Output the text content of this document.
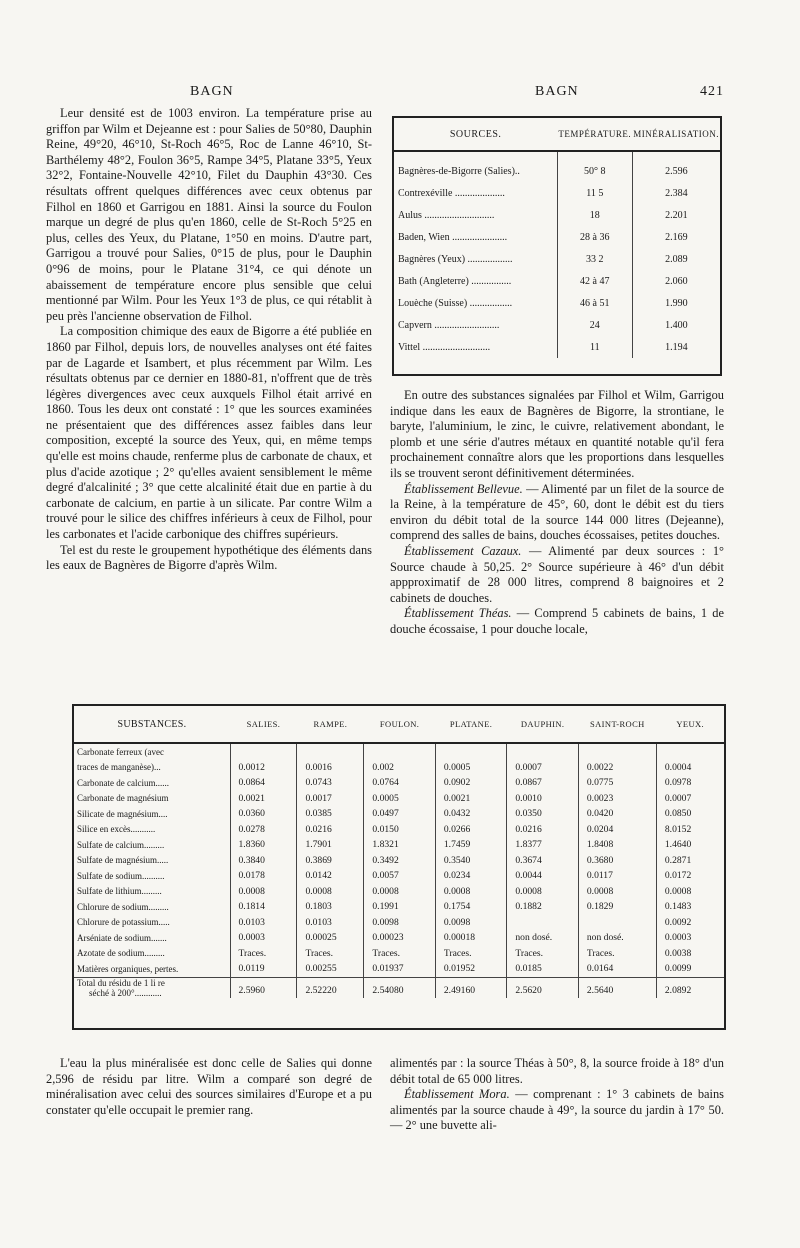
BAGN	BAGN	421

Leur densité est de 1003 environ. La température prise au griffon par Wilm et Dejeanne est : pour Salies de 50°80, Dauphin Reine, 49°20, 46°10, St-Roch 46°5, Roc de Lanne 46°10, St-Barthélemy 48°2, Foulon 36°5, Rampe 34°5, Platane 33°5, Yeux 32°2, Fontaine-Nouvelle 42°10, Filet du Dauphin 43°30. Ces résultats offrent quelques différences avec ceux obtenus par Filhol en 1860 et Garrigou en 1881. Ainsi la source du Foulon marque un degré de plus qu'en 1860, celle de St-Roch 5°25 en plus, celles des Yeux, du Platane, 1°50 en moins. D'autre part, Garrigou a trouvé pour Salies, 0°15 de plus, pour le Dauphin 0°96 de moins, pour le Platane 31°4, ce qui dénote un abaissement de température encore plus sensible que celui mentionné par Wilm. Pour les Yeux 1°3 de plus, ce qui rétablit à peu près l'ancienne observation de Filhol.

La composition chimique des eaux de Bigorre a été publiée en 1860 par Filhol, depuis lors, de nouvelles analyses ont été faites par de Lagarde et Isambert, et plus récemment par Wilm. Les résultats obtenus par ce dernier en 1880-81, n'offrent que de très légères divergences avec ceux auxquels Filhol était arrivé en 1860. Tous les deux ont constaté : 1° que les sources examinées ne présentaient que des différences assez faibles dans leur composition, excepté la source des Yeux, qui, en même temps qu'elle est moins chaude, renferme plus de carbonate de chaux, et plus d'acide azotique ; 2° qu'elles avaient sensiblement le même degré d'alcalinité ; 3° que cette alcalinité était due en partie à du carbonate de calcium, en partie à un silicate. Par contre Wilm a trouvé pour le silice des chiffres inférieurs à ceux de Filhol, pour les carbonates et l'acide carbonique des chiffres supérieurs.

Tel est du reste le groupement hypothétique des éléments dans les eaux de Bagnères de Bigorre d'après Wilm.

SOURCES.	TEMPÉRATURE.	MINÉRALISATION.

Bagnères-de-Bigorre (Salies)..	50° 8	2.596
Contrexéville ....................	11 5	2.384
Aulus ............................	18	2.201
Baden, Wien ......................	28 à 36	2.169
Bagnères (Yeux) ..................	33 2	2.089
Bath (Angleterre) ................	42 à 47	2.060
Louèche (Suisse) .................	46 à 51	1.990
Capvern ..........................	24	1.400
Vittel ...........................	11	1.194

En outre des substances signalées par Filhol et Wilm, Garrigou indique dans les eaux de Bagnères de Bigorre, la strontiane, le baryte, l'aluminium, le zinc, le cuivre, relativement abondant, le plomb et une série d'autres métaux en quantité notable qu'il fera prochainement connaître alors que les proportions dans lesquelles ils se trouvent seront définitivement déterminées.

Établissement Bellevue. — Alimenté par un filet de la source de la Reine, à la température de 45°, 60, dont le débit est du tiers environ du débit total de la source 144 000 litres (Dejeanne), comprend des salles de bains, douches écossaises, petites douches.

Établissement Cazaux. — Alimenté par deux sources : 1° Source chaude à 50,25. 2° Source supérieure à 46° d'un débit appproximatif de 28 000 litres, comprend 8 baignoires et 2 cabinets de douches.

Établissement Théas. — Comprend 5 cabinets de bains, 1 de douche écossaise, 1 pour douche locale,

SUBSTANCES.	SALIES.	RAMPE.	FOULON.	PLATANE.	DAUPHIN.	SAINT-ROCH	YEUX.
Carbonate ferreux (avec							
traces de manganèse)...	0.0012	0.0016	0.002	0.0005	0.0007	0.0022	0.0004
Carbonate de calcium......	0.0864	0.0743	0.0764	0.0902	0.0867	0.0775	0.0978
Carbonate de magnésium	0.0021	0.0017	0.0005	0.0021	0.0010	0.0023	0.0007
Silicate de magnésium....	0.0360	0.0385	0.0497	0.0432	0.0350	0.0420	0.0850
Silice en excès...........	0.0278	0.0216	0.0150	0.0266	0.0216	0.0204	8.0152
Sulfate de calcium.........	1.8360	1.7901	1.8321	1.7459	1.8377	1.8408	1.4640
Sulfate de magnésium.....	0.3840	0.3869	0.3492	0.3540	0.3674	0.3680	0.2871
Sulfate de sodium..........	0.0178	0.0142	0.0057	0.0234	0.0044	0.0117	0.0172
Sulfate de lithium.........	0.0008	0.0008	0.0008	0.0008	0.0008	0.0008	0.0008
Chlorure de sodium.........	0.1814	0.1803	0.1991	0.1754	0.1882	0.1829	0.1483
Chlorure de potassium.....	0.0103	0.0103	0.0098	0.0098			0.0092
Arséniate de sodium.......	0.0003	0.00025	0.00023	0.00018	non dosé.	non dosé.	0.0003
Azotate de sodium.........	Traces.	Traces.	Traces.	Traces.	Traces.	Traces.	0.0038
Matières organiques, pertes.	0.0119	0.00255	0.01937	0.01952	0.0185	0.0164	0.0099

Total du résidu de 1 li re
séché à 200°............	2.5960	2.52220	2.54080	2.49160	2.5620	2.5640	2.0892

L'eau la plus minéralisée est donc celle de Salies qui donne 2,596 de résidu par litre. Wilm a comparé son degré de minéralisation avec celui des sources similaires d'Europe et a pu constater qu'elle occupait le premier rang.

alimentés par : la source Théas à 50°, 8, la source froide à 18° d'un débit total de 65 000 litres.

Établissement Mora. — comprenant : 1° 3 cabinets de bains alimentés par la source chaude à 49°, la source du jardin à 17° 50. — 2° une buvette ali-
